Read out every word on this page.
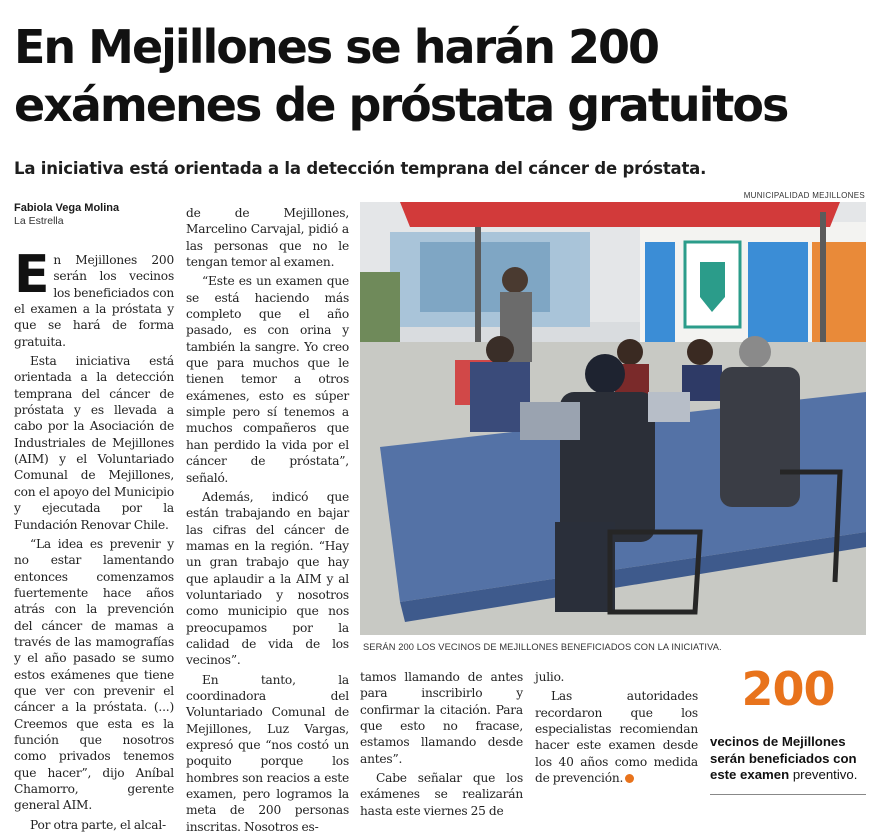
En Mejillones se harán 200
exámenes de próstata gratuitos
La iniciativa está orientada a la detección temprana del cáncer de próstata.
Fabiola Vega Molina
La Estrella

En Mejillones 200 serán los vecinos los beneficiados con el examen a la próstata y que se hará de forma gratuita.

Esta iniciativa está orientada a la detección temprana del cáncer de próstata y es llevada a cabo por la Asociación de Industriales de Mejillones (AIM) y el Voluntariado Comunal de Mejillones, con el apoyo del Municipio y ejecutada por la Fundación Renovar Chile.

“La idea es prevenir y no estar lamentando entonces comenzamos fuertemente hace años atrás con la prevención del cáncer de mamas a través de las mamografías y el año pasado se sumo estos exámenes que tiene que ver con prevenir el cáncer a la próstata. (...) Creemos que esta es la función que nosotros como privados tenemos que hacer”, dijo Aníbal Chamorro, gerente general AIM.

Por otra parte, el alcal-

de de Mejillones, Marcelino Carvajal, pidió a las personas que no le tengan temor al examen.

“Este es un examen que se está haciendo más completo que el año pasado, es con orina y también la sangre. Yo creo que para muchos que le tienen temor a otros exámenes, esto es súper simple pero sí tenemos a muchos compañeros que han perdido la vida por el cáncer de próstata”, señaló.

Además, indicó que están trabajando en bajar las cifras del cáncer de mamas en la región. “Hay un gran trabajo que hay que aplaudir a la AIM y al voluntariado y nosotros como municipio que nos preocupamos por la calidad de vida de los vecinos”.

En tanto, la coordinadora del Voluntariado Comunal de Mejillones, Luz Vargas, expresó que “nos costó un poquito porque los hombres son reacios a este examen, pero logramos la meta de 200 personas inscritas. Nosotros es-

MUNICIPALIDAD MEJILLONES
SERÁN 200 LOS VECINOS DE MEJILLONES BENEFICIADOS CON LA INICIATIVA.

tamos llamando de antes para inscribirlo y confirmar la citación. Para que esto no fracase, estamos llamando desde antes”.

Cabe señalar que los exámenes se realizarán hasta este viernes 25 de

julio.

Las autoridades recordaron que los especialistas recomiendan hacer este examen desde los 40 años como medida de prevención.

200
vecinos de Mejillones serán beneficiados con este examen preventivo.
